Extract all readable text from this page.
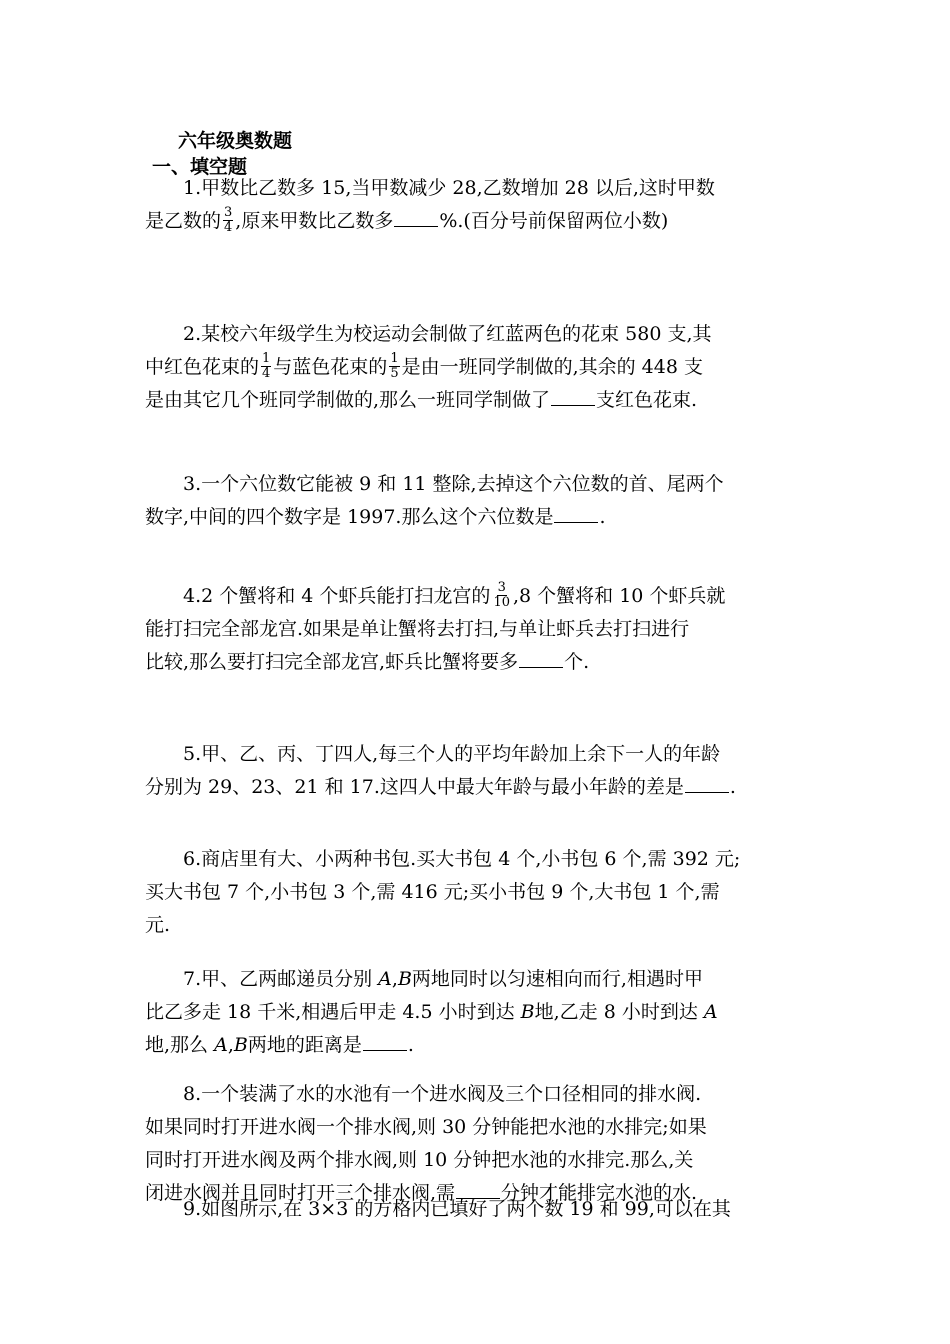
六年级奥数题
一、填空题

1.甲数比乙数多 15,当甲数减少 28,乙数增加 28 以后,这时甲数

是乙数的 $\frac{3}{4}$ ,原来甲数比乙数多 %.(百分号前保留两位小数)

2.某校六年级学生为校运动会制做了红蓝两色的花束 580 支,其

中红色花束的 $\frac{1}{4}$ 与蓝色花束的 $\frac{1}{5}$ 是由一班同学制做的,其余的 448 支

是由其它几个班同学制做的,那么一班同学制做了 支红色花束.

3.一个六位数它能被 9 和 11 整除,去掉这个六位数的首、尾两个

数字,中间的四个数字是 1997.那么这个六位数是 .

4.2 个蟹将和 4 个虾兵能打扫龙宫的 $\frac{3}{10} ,8$ 个蟹将和 10 个虾兵就

能打扫完全部龙宫.如果是单让蟹将去打扫,与单让虾兵去打扫进行

比较,那么要打扫完全部龙宫,虾兵比蟹将要多 个.

5.甲、乙、丙、丁四人,每三个人的平均年龄加上余下一人的年龄

分别为 29、23、21 和 17.这四人中最大年龄与最小年龄的差是 .

6.商店里有大、小两种书包.买大书包 4 个,小书包 6 个,需 392 元;

买大书包 7 个,小书包 3 个,需 416 元;买小书包 9 个,大书包 1 个,需

元.

7.甲、乙两邮递员分别 A,B两地同时以匀速相向而行,相遇时甲

比乙多走 18 千米,相遇后甲走 4.5 小时到达 B地,乙走 8 小时到达 A

地,那么 A,B两地的距离是 .

8.一个装满了水的水池有一个进水阀及三个口径相同的排水阀.

如果同时打开进水阀一个排水阀,则 30 分钟能把水池的水排完;如果

同时打开进水阀及两个排水阀,则 10 分钟把水池的水排完.那么,关

闭进水阀并且同时打开三个排水阀,需 分钟才能排完水池的水.

9.如图所示,在 3×3 的方格内已填好了两个数 19 和 99,可以在其
